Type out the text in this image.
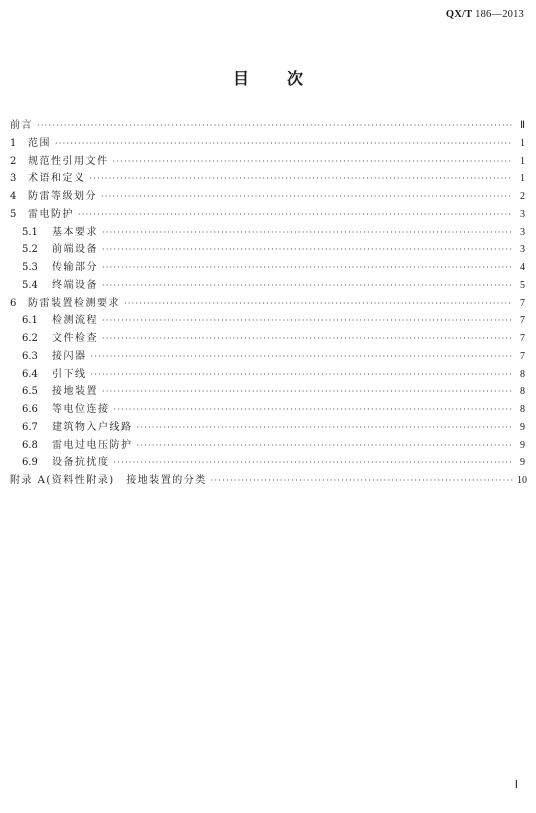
QX/T 186—2013
目次
前言 ·····	Ⅱ
1 范围 ·····	1
2 规范性引用文件 ·····	1
3 术语和定义 ·····	1
4 防雷等级划分 ·····	2
5 雷电防护 ·····	3
5.1	基本要求 ·····	3
5.2	前端设备 ·····	3
5.3	传输部分 ·····	4
5.4	终端设备 ·····	5
6 防雷装置检测要求 ·····	7
6.1	检测流程 ·····	7
6.2	文件检查 ·····	7
6.3	接闪器 ·····	7
6.4	引下线 ·····	8
6.5	接地装置 ·····	8
6.6	等电位连接 ·····	8
6.7	建筑物入户线路 ·····	9
6.8	雷电过电压防护 ·····	9
6.9	设备抗扰度 ·····	9
附录 A(资料性附录)　接地装置的分类 ·····	10
Ⅰ
